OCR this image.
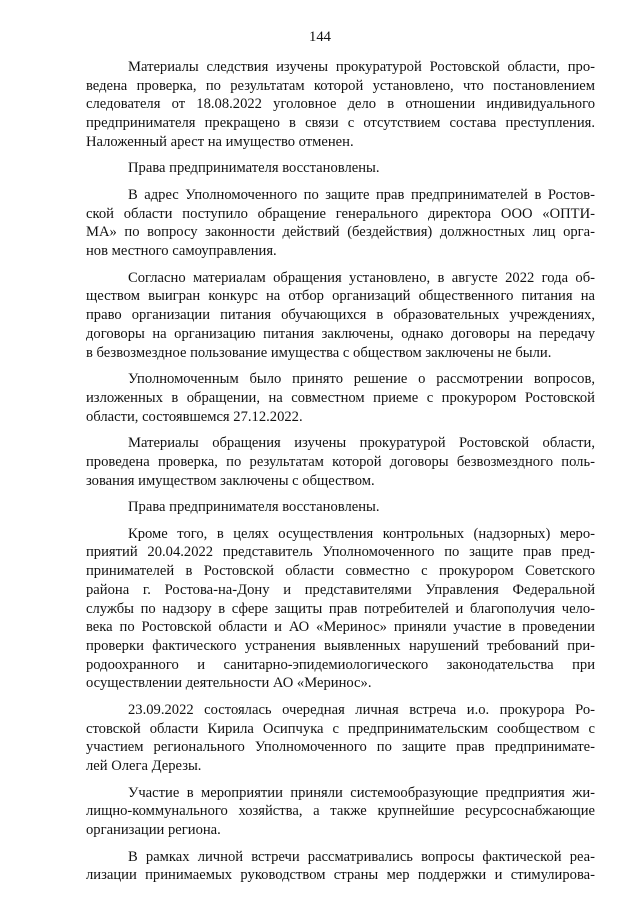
144

Материалы следствия изучены прокуратурой Ростовской области, про-
ведена проверка, по результатам которой установлено, что постановлением
следователя от 18.08.2022 уголовное дело в отношении индивидуального
предпринимателя прекращено в связи с отсутствием состава преступления.
Наложенный арест на имущество отменен.

Права предпринимателя восстановлены.

В адрес Уполномоченного по защите прав предпринимателей в Ростов-
ской области поступило обращение генерального директора ООО «ОПТИ-
МА» по вопросу законности действий (бездействия) должностных лиц орга-
нов местного самоуправления.

Согласно материалам обращения установлено, в августе 2022 года об-
ществом выигран конкурс на отбор организаций общественного питания на
право организации питания обучающихся в образовательных учреждениях,
договоры на организацию питания заключены, однако договоры на передачу
в безвозмездное пользование имущества с обществом заключены не были.

Уполномоченным было принято решение о рассмотрении вопросов,
изложенных в обращении, на совместном приеме с прокурором Ростовской
области, состоявшемся 27.12.2022.

Материалы обращения изучены прокуратурой Ростовской области,
проведена проверка, по результатам которой договоры безвозмездного поль-
зования имуществом заключены с обществом.

Права предпринимателя восстановлены.

Кроме того, в целях осуществления контрольных (надзорных) меро-
приятий 20.04.2022 представитель Уполномоченного по защите прав пред-
принимателей в Ростовской области совместно с прокурором Советского
района г. Ростова-на-Дону и представителями Управления Федеральной
службы по надзору в сфере защиты прав потребителей и благополучия чело-
века по Ростовской области и АО «Меринос» приняли участие в проведении
проверки фактического устранения выявленных нарушений требований при-
родоохранного и санитарно-эпидемиологического законодательства при
осуществлении деятельности АО «Меринос».

23.09.2022 состоялась очередная личная встреча и.о. прокурора Ро-
стовской области Кирила Осипчука с предпринимательским сообществом с
участием регионального Уполномоченного по защите прав предпринимате-
лей Олега Дерезы.

Участие в мероприятии приняли системообразующие предприятия жи-
лищно-коммунального хозяйства, а также крупнейшие ресурсоснабжающие
организации региона.

В рамках личной встречи рассматривались вопросы фактической реа-
лизации принимаемых руководством страны мер поддержки и стимулирова-
